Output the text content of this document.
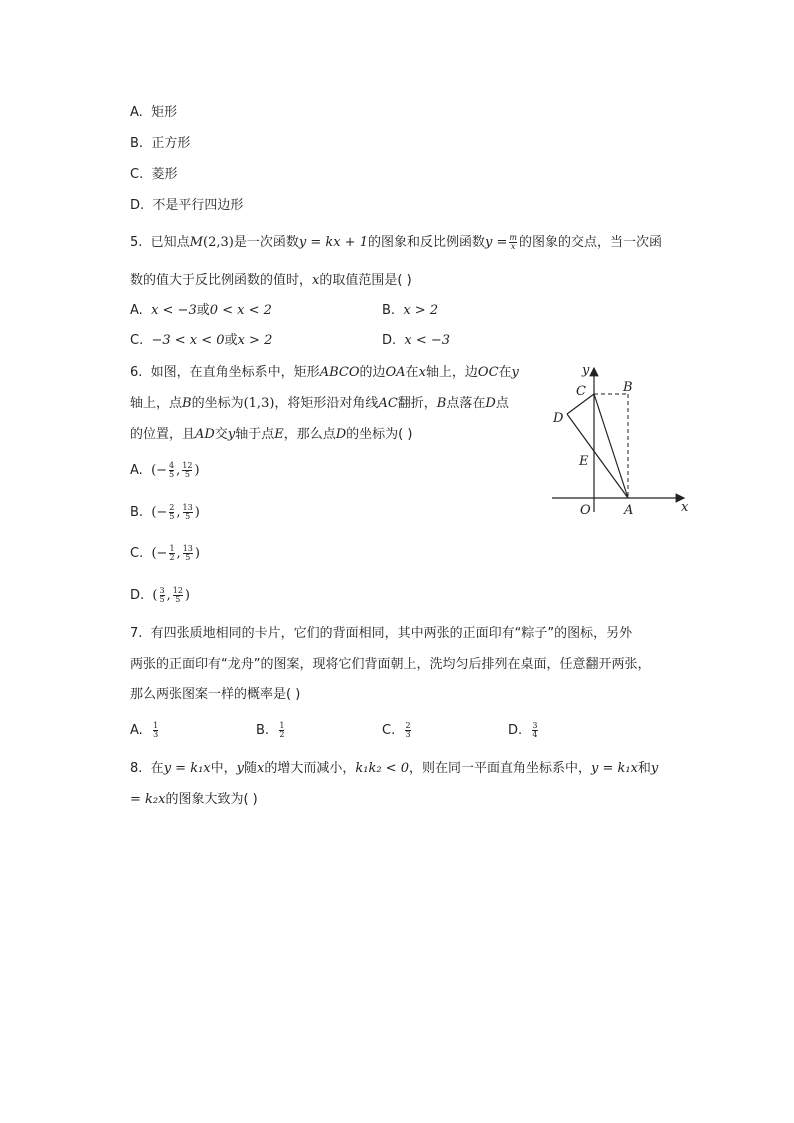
A. 矩形
B. 正方形
C. 菱形
D. 不是平行四边形
5. 已知点M(2,3)是一次函数y = kx + 1的图象和反比例函数$y = \frac{m}{x}$ 的图象的交点，当一次函
数的值大于反比例函数的值时，x的取值范围是( )
A. x < −3或0 < x < 2	B. x > 2
C. −3 < x < 0或x > 2	D. x < −3
6. 如图，在直角坐标系中，矩形ABCO的边OA在x轴上，边OC在y
轴上，点B的坐标为(1,3)，将矩形沿对角线AC翻折，B点落在D点
的位置，且AD交y轴于点E，那么点D的坐标为( )
A. (− $\frac{4}{5}$ , $\frac{12}{5}$ )
B. (− $\frac{2}{5}$ , $\frac{13}{5}$ )
C. (− $\frac{1}{2}$ , $\frac{13}{5}$ )
D. ( $\frac{3}{5}$ , $\frac{12}{5}$ )
y
C	B
D
E
O	A	x
7. 有四张质地相同的卡片，它们的背面相同，其中两张的正面印有“粽子”的图标，另外
两张的正面印有“龙舟”的图案，现将它们背面朝上，洗均匀后排列在桌面，任意翻开两张，
那么两张图案一样的概率是( )
A. $\frac{1}{3}$	B. $\frac{1}{2}$	C. $\frac{2}{3}$	D. $\frac{3}{4}$
8. 在y = k₁x中，y随x的增大而减小，k₁k₂ < 0，则在同一平面直角坐标系中，y = k₁x和y
= k₂x的图象大致为( )
